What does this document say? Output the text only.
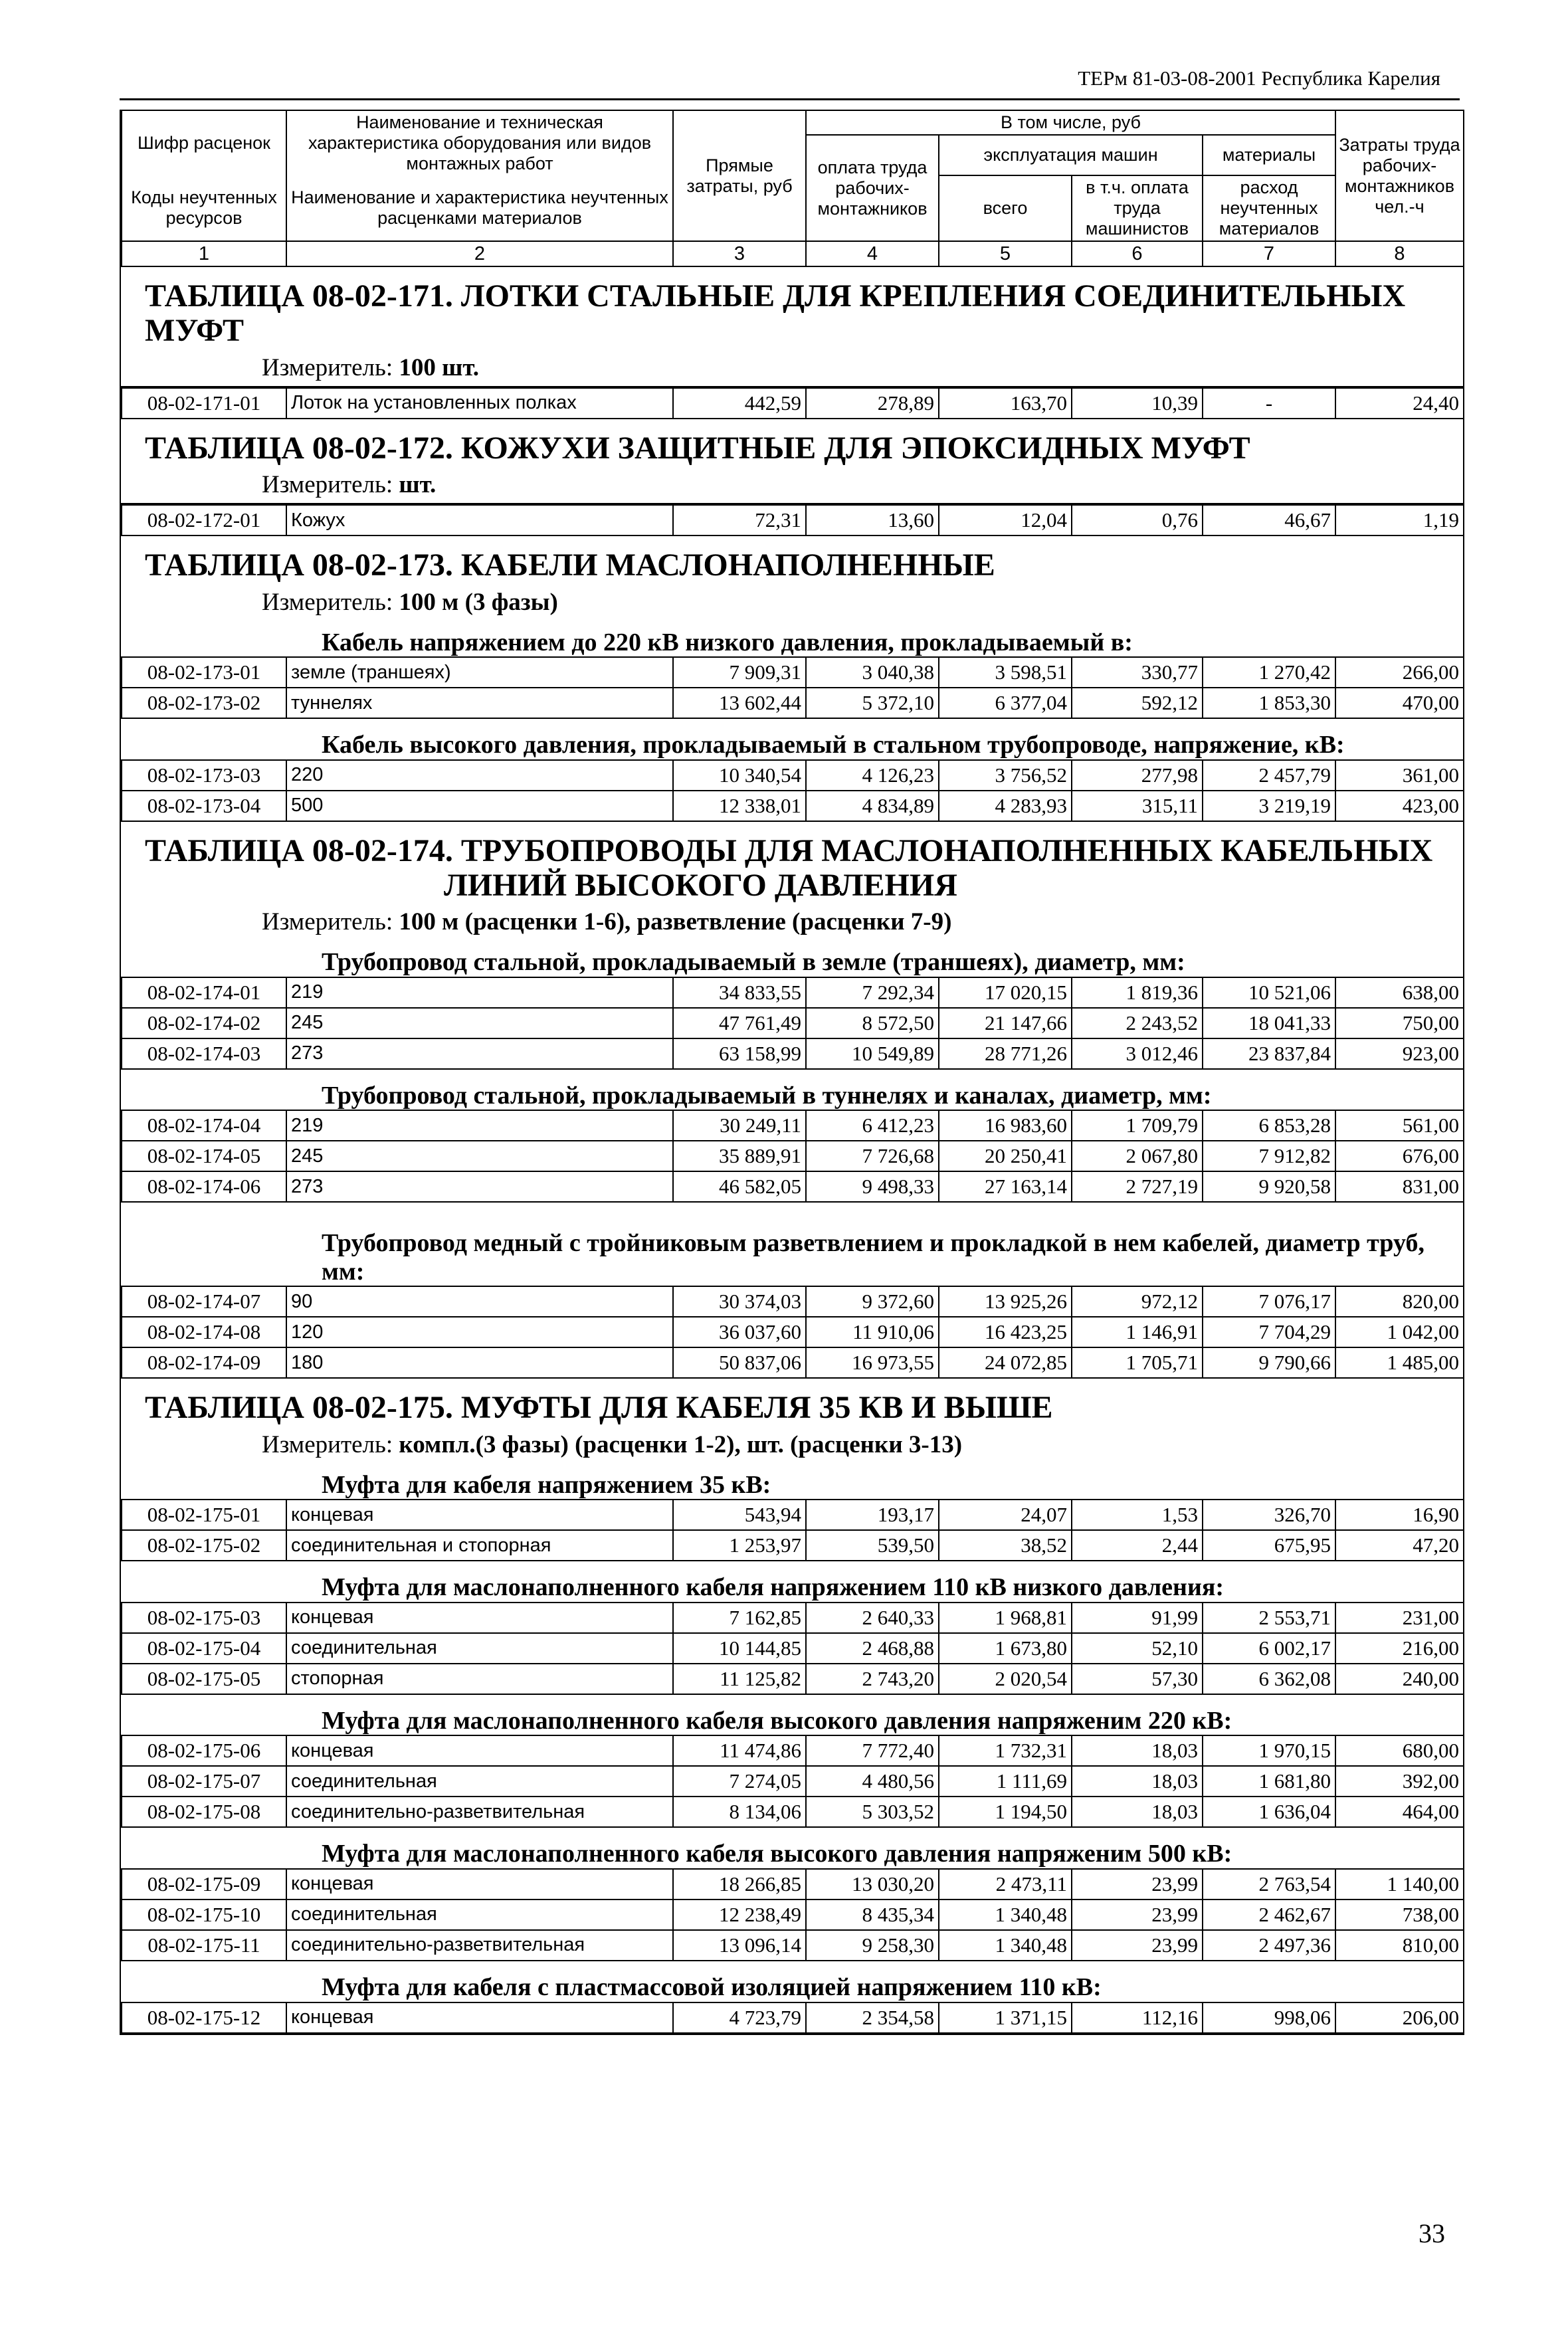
ТЕРм 81-03-08-2001 Республика Карелия
Шифр расценок	Наименование и техническая характеристика оборудования или видов монтажных работ	Прямые затраты, руб	В том числе, руб				Затраты труда рабочих-монтажников чел.-ч
			оплата труда рабочих-монтажников	эксплуатация машин		материалы	
Коды неучтенных ресурсов	Наименование и характеристика неучтенных расценками материалов			всего	в т.ч. оплата труда машинистов	расход неучтенных материалов	

1	2	3	4	5	6	7	8
ТАБЛИЦА 08-02-171. ЛОТКИ СТАЛЬНЫЕ ДЛЯ КРЕПЛЕНИЯ СОЕДИНИТЕЛЬНЫХ МУФТ
Измеритель: 100 шт.
08-02-171-01	Лоток на установленных полках	442,59	278,89	163,70	10,39	-	24,40
ТАБЛИЦА 08-02-172. КОЖУХИ ЗАЩИТНЫЕ ДЛЯ ЭПОКСИДНЫХ МУФТ
Измеритель: шт.
08-02-172-01	Кожух	72,31	13,60	12,04	0,76	46,67	1,19
ТАБЛИЦА 08-02-173. КАБЕЛИ МАСЛОНАПОЛНЕННЫЕ
Измеритель: 100 м (3 фазы)
Кабель напряжением до 220 кВ низкого давления, прокладываемый в:
08-02-173-01	земле (траншеях)	7 909,31	3 040,38	3 598,51	330,77	1 270,42	266,00
08-02-173-02	туннелях	13 602,44	5 372,10	6 377,04	592,12	1 853,30	470,00
Кабель высокого давления, прокладываемый в стальном трубопроводе, напряжение, кВ:
08-02-173-03	220	10 340,54	4 126,23	3 756,52	277,98	2 457,79	361,00
08-02-173-04	500	12 338,01	4 834,89	4 283,93	315,11	3 219,19	423,00
ТАБЛИЦА 08-02-174. ТРУБОПРОВОДЫ ДЛЯ МАСЛОНАПОЛНЕННЫХ КАБЕЛЬНЫХ
ЛИНИЙ ВЫСОКОГО ДАВЛЕНИЯ
Измеритель: 100 м (расценки 1-6), разветвление (расценки 7-9)
Трубопровод стальной, прокладываемый в земле (траншеях), диаметр, мм:
08-02-174-01	219	34 833,55	7 292,34	17 020,15	1 819,36	10 521,06	638,00
08-02-174-02	245	47 761,49	8 572,50	21 147,66	2 243,52	18 041,33	750,00
08-02-174-03	273	63 158,99	10 549,89	28 771,26	3 012,46	23 837,84	923,00
Трубопровод стальной, прокладываемый в туннелях и каналах, диаметр, мм:
08-02-174-04	219	30 249,11	6 412,23	16 983,60	1 709,79	6 853,28	561,00
08-02-174-05	245	35 889,91	7 726,68	20 250,41	2 067,80	7 912,82	676,00
08-02-174-06	273	46 582,05	9 498,33	27 163,14	2 727,19	9 920,58	831,00
Трубопровод медный с тройниковым разветвлением и прокладкой в нем кабелей, диаметр труб, мм:
08-02-174-07	90	30 374,03	9 372,60	13 925,26	972,12	7 076,17	820,00
08-02-174-08	120	36 037,60	11 910,06	16 423,25	1 146,91	7 704,29	1 042,00
08-02-174-09	180	50 837,06	16 973,55	24 072,85	1 705,71	9 790,66	1 485,00
ТАБЛИЦА 08-02-175. МУФТЫ ДЛЯ КАБЕЛЯ 35 КВ И ВЫШЕ
Измеритель: компл.(3 фазы) (расценки 1-2), шт. (расценки 3-13)
Муфта для кабеля напряжением 35 кВ:
08-02-175-01	концевая	543,94	193,17	24,07	1,53	326,70	16,90
08-02-175-02	соединительная и стопорная	1 253,97	539,50	38,52	2,44	675,95	47,20
Муфта для маслонаполненного кабеля напряжением 110 кВ низкого давления:
08-02-175-03	концевая	7 162,85	2 640,33	1 968,81	91,99	2 553,71	231,00
08-02-175-04	соединительная	10 144,85	2 468,88	1 673,80	52,10	6 002,17	216,00
08-02-175-05	стопорная	11 125,82	2 743,20	2 020,54	57,30	6 362,08	240,00
Муфта для маслонаполненного кабеля высокого давления напряженим 220 кВ:
08-02-175-06	концевая	11 474,86	7 772,40	1 732,31	18,03	1 970,15	680,00
08-02-175-07	соединительная	7 274,05	4 480,56	1 111,69	18,03	1 681,80	392,00
08-02-175-08	соединительно-разветвительная	8 134,06	5 303,52	1 194,50	18,03	1 636,04	464,00
Муфта для маслонаполненного кабеля высокого давления напряженим 500 кВ:
08-02-175-09	концевая	18 266,85	13 030,20	2 473,11	23,99	2 763,54	1 140,00
08-02-175-10	соединительная	12 238,49	8 435,34	1 340,48	23,99	2 462,67	738,00
08-02-175-11	соединительно-разветвительная	13 096,14	9 258,30	1 340,48	23,99	2 497,36	810,00
Муфта для кабеля с пластмассовой изоляцией напряжением 110 кВ:
08-02-175-12	концевая	4 723,79	2 354,58	1 371,15	112,16	998,06	206,00
33
